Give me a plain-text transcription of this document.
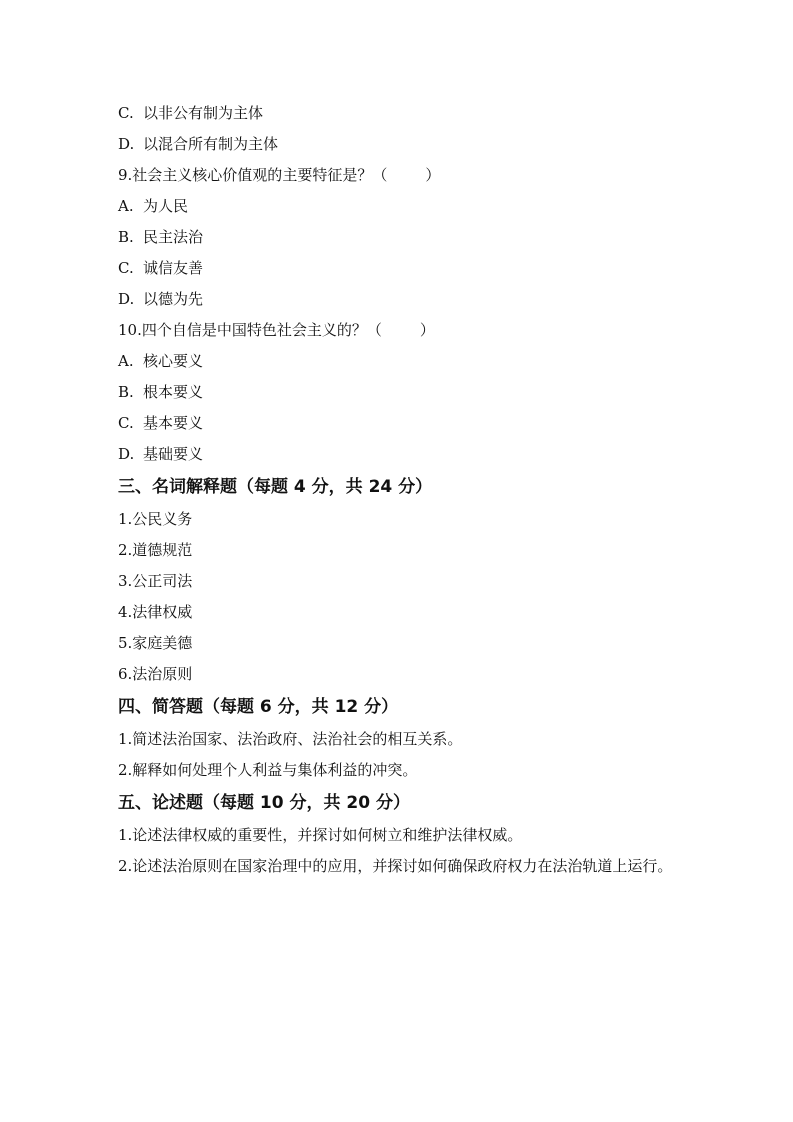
C. 以非公有制为主体
D. 以混合所有制为主体
9.社会主义核心价值观的主要特征是？（	）
A. 为人民
B. 民主法治
C. 诚信友善
D. 以德为先
10.四个自信是中国特色社会主义的？（	）
A. 核心要义
B. 根本要义
C. 基本要义
D. 基础要义
三、名词解释题（每题 4 分，共 24 分）
1.公民义务
2.道德规范
3.公正司法
4.法律权威
5.家庭美德
6.法治原则
四、简答题（每题 6 分，共 12 分）
1.简述法治国家、法治政府、法治社会的相互关系。
2.解释如何处理个人利益与集体利益的冲突。
五、论述题（每题 10 分，共 20 分）
1.论述法律权威的重要性，并探讨如何树立和维护法律权威。
2.论述法治原则在国家治理中的应用，并探讨如何确保政府权力在法治轨道上运行。
